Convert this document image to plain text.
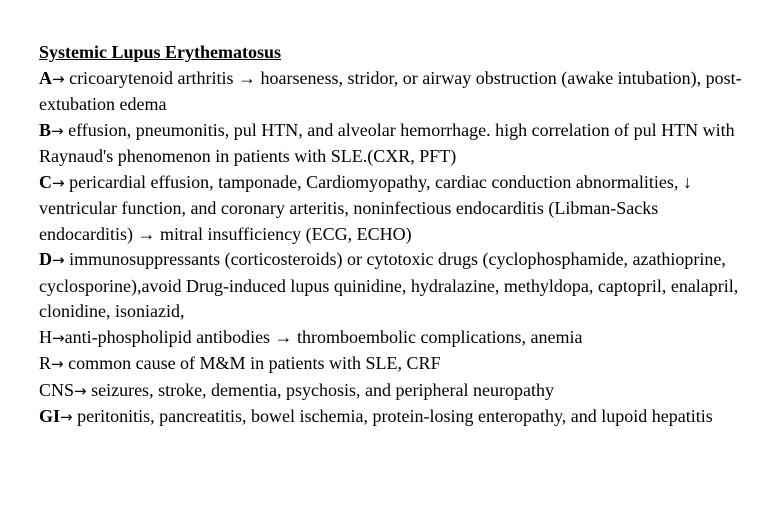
Systemic Lupus Erythematosus

A→ cricoarytenoid arthritis → hoarseness, stridor, or airway obstruction (awake intubation), post-extubation edema

B→ effusion, pneumonitis, pul HTN, and alveolar hemorrhage. high correlation of pul HTN with Raynaud's phenomenon in patients with SLE.(CXR, PFT)

C→ pericardial effusion, tamponade, Cardiomyopathy, cardiac conduction abnormalities, ↓ ventricular function, and coronary arteritis, noninfectious endocarditis (Libman-Sacks endocarditis) → mitral insufficiency (ECG, ECHO)

D→ immunosuppressants (corticosteroids) or cytotoxic drugs (cyclophosphamide, azathioprine, cyclosporine),avoid Drug-induced lupus quinidine, hydralazine, methyldopa, captopril, enalapril, clonidine, isoniazid,

H→anti-phospholipid antibodies → thromboembolic complications, anemia

R→ common cause of M&M in patients with SLE, CRF

CNS→ seizures, stroke, dementia, psychosis, and peripheral neuropathy

GI→ peritonitis, pancreatitis, bowel ischemia, protein-losing enteropathy, and lupoid hepatitis
